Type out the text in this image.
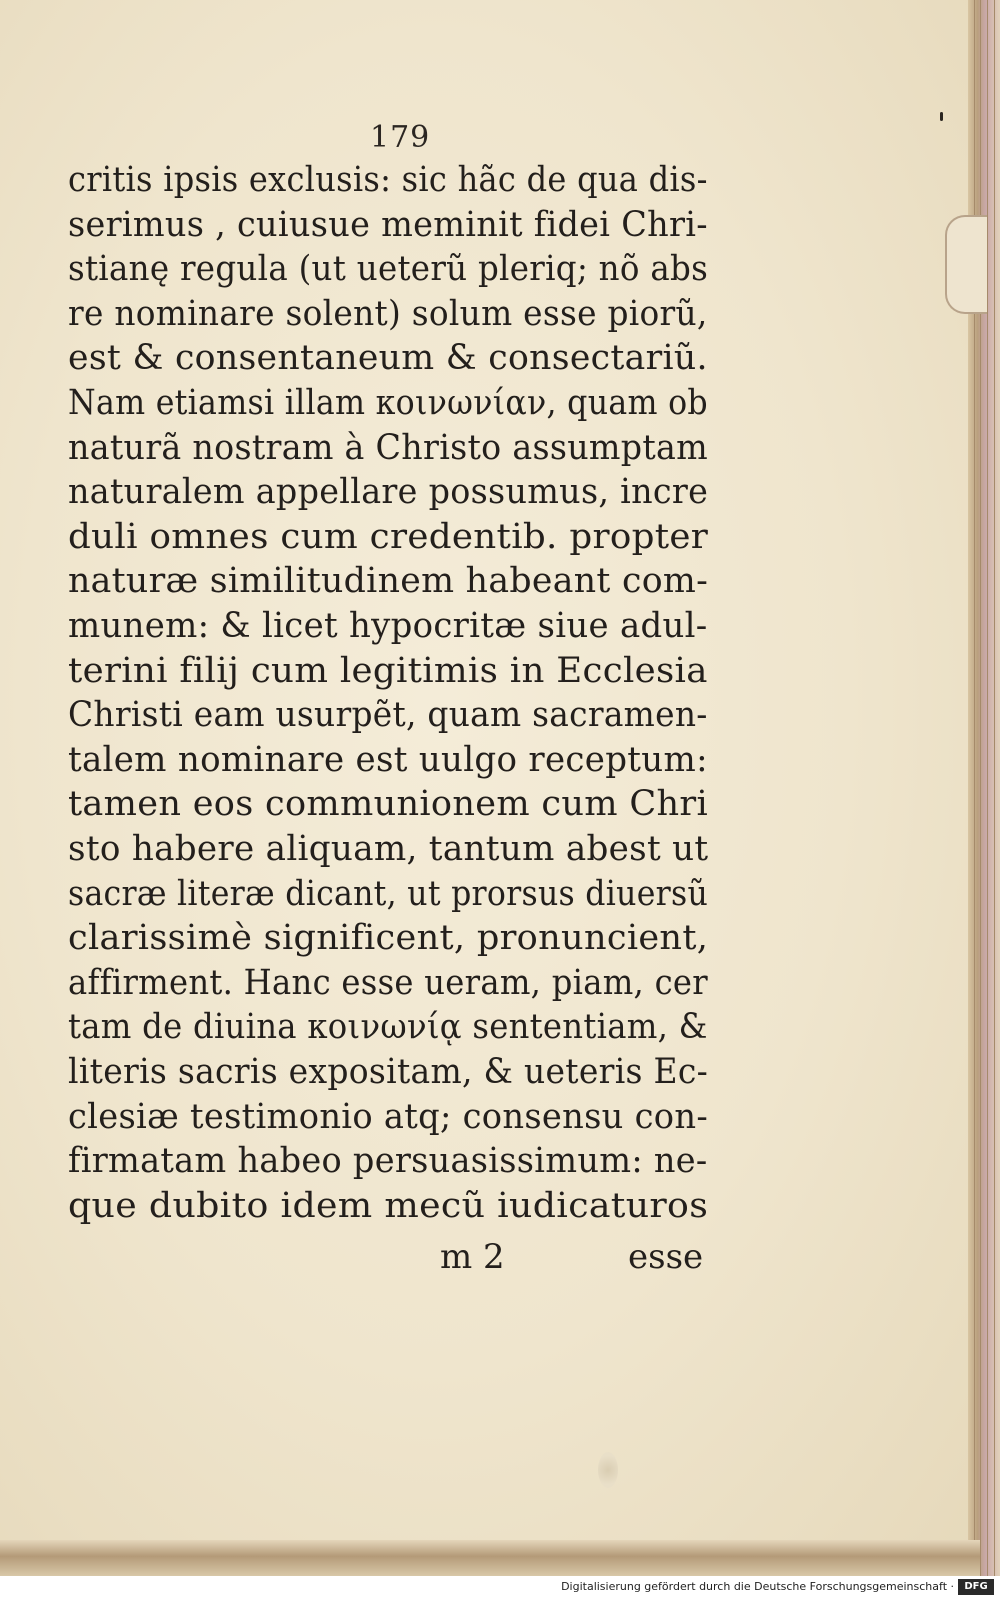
179
critis ipsis exclusis: sic hãc de qua dis-
serimus , cuiusue meminit fidei Chri-
stianę regula (ut ueterũ pleriq; nõ abs
re nominare solent) solum esse piorũ,
est & consentaneum & consectariũ.
Nam etiamsi illam κοινωνίαν, quam ob
naturã nostram à Christo assumptam
naturalem appellare possumus, incre
duli omnes cum credentib. propter
naturæ similitudinem habeant com-
munem: & licet hypocritæ siue adul-
terini filij cum legitimis in Ecclesia
Christi eam usurpẽt, quam sacramen-
talem nominare est uulgo receptum:
tamen eos communionem cum Chri
sto habere aliquam, tantum abest ut
sacræ literæ dicant, ut prorsus diuersũ
clarissimè significent, pronuncient,
affirment. Hanc esse ueram, piam, cer
tam de diuina κοινωνίᾳ sententiam, &
literis sacris expositam, & ueteris Ec-
clesiæ testimonio atq; consensu con-
firmatam habeo persuasissimum: ne-
que dubito idem mecũ iudicaturos
m 2	esse
Digitalisierung gefördert durch die Deutsche Forschungsgemeinschaft ·	DFG
